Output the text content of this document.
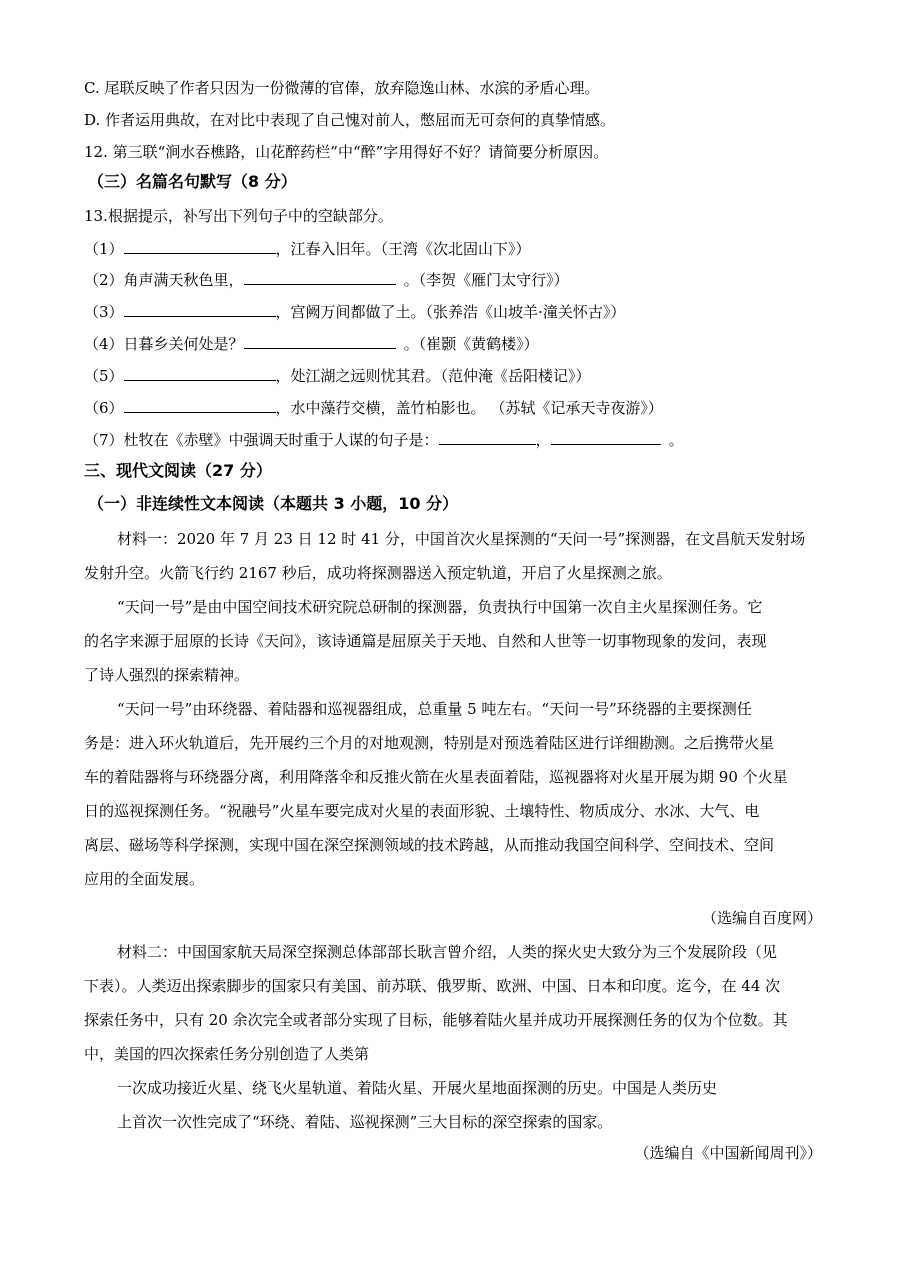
C. 尾联反映了作者只因为一份微薄的官俸，放弃隐逸山林、水滨的矛盾心理。
D. 作者运用典故，在对比中表现了自己愧对前人，憋屈而无可奈何的真挚情感。
12. 第三联“涧水吞樵路，山花醉药栏”中“醉”字用得好不好？请简要分析原因。
（三）名篇名句默写（8 分）
13.根据提示，补写出下列句子中的空缺部分。
（1）	，江春入旧年。（王湾《次北固山下》）
（2）角声满天秋色里，	。（李贺《雁门太守行》）
（3）	，宫阙万间都做了土。（张养浩《山坡羊·潼关怀古》）
（4）日暮乡关何处是？	。（崔颢《黄鹤楼》）
（5）	，处江湖之远则忧其君。（范仲淹《岳阳楼记》）
（6）	，水中藻荇交横，盖竹柏影也。 （苏轼《记承天寺夜游》）
（7）杜牧在《赤壁》中强调天时重于人谋的句子是：	，	。
三、现代文阅读（27 分）
（一）非连续性文本阅读（本题共 3 小题，10 分）
材料一：2020 年 7 月 23 日 12 时 41 分，中国首次火星探测的“天问一号”探测器，在文昌航天发射场
发射升空。火箭飞行约 2167 秒后，成功将探测器送入预定轨道，开启了火星探测之旅。
“天问一号”是由中国空间技术研究院总研制的探测器，负责执行中国第一次自主火星探测任务。它
的名字来源于屈原的长诗《天问》，该诗通篇是屈原关于天地、自然和人世等一切事物现象的发问，表现
了诗人强烈的探索精神。
“天问一号”由环绕器、着陆器和巡视器组成，总重量 5 吨左右。“天问一号”环绕器的主要探测任
务是：进入环火轨道后，先开展约三个月的对地观测，特别是对预选着陆区进行详细勘测。之后携带火星
车的着陆器将与环绕器分离，利用降落伞和反推火箭在火星表面着陆，巡视器将对火星开展为期 90 个火星
日的巡视探测任务。“祝融号”火星车要完成对火星的表面形貌、土壤特性、物质成分、水冰、大气、电
离层、磁场等科学探测，实现中国在深空探测领域的技术跨越，从而推动我国空间科学、空间技术、空间
应用的全面发展。
（选编自百度网）
材料二：中国国家航天局深空探测总体部部长耿言曾介绍，人类的探火史大致分为三个发展阶段（见
下表）。人类迈出探索脚步的国家只有美国、前苏联、俄罗斯、欧洲、中国、日本和印度。迄今，在 44 次
探索任务中，只有 20 余次完全或者部分实现了目标，能够着陆火星并成功开展探测任务的仅为个位数。其
中，美国的四次探索任务分别创造了人类第
一次成功接近火星、绕飞火星轨道、着陆火星、开展火星地面探测的历史。中国是人类历史
上首次一次性完成了“环绕、着陆、巡视探测”三大目标的深空探索的国家。
（选编自《中国新闻周刊》）
